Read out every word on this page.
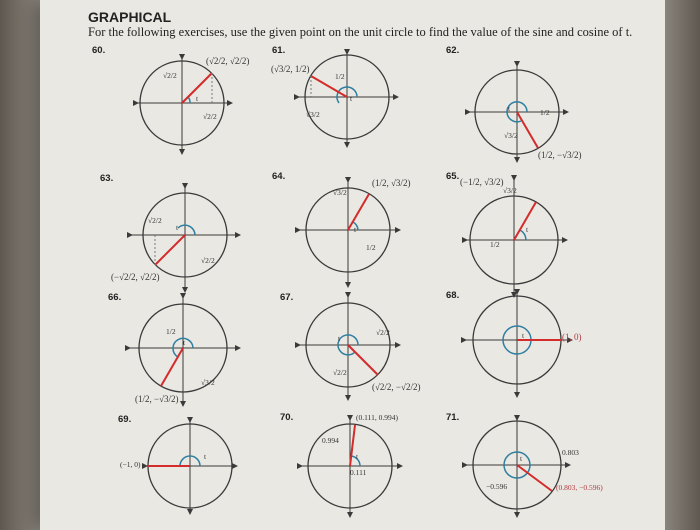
GRAPHICAL
For the following exercises, use the given point on the unit circle to find the value of the sine and cosine of t.
60.	61.	62.
63.	64.	65.
66.	67.	68.
69.	70.	71.
(√2/2, √2/2)
√2/2
√2/2
t
(√3/2, 1/2)
1/2
√3/2
t
√3/2
1/2
(1/2, −√3/2)
t
(−√2/2, √2/2)
√2/2
√2/2
t
(1/2, √3/2)
√3/2
1/2
t
(−1/2, √3/2)
√3/2
1/2
t
(1/2, −√3/2)
1/2
√3/2
t
(√2/2, −√2/2)
√2/2
√2/2
t	(1, 0)
t
(−1, 0)
t
(0.111, 0.994)
0.994
0.111
t	0.803
−0.596	(0.803, −0.596)
t
